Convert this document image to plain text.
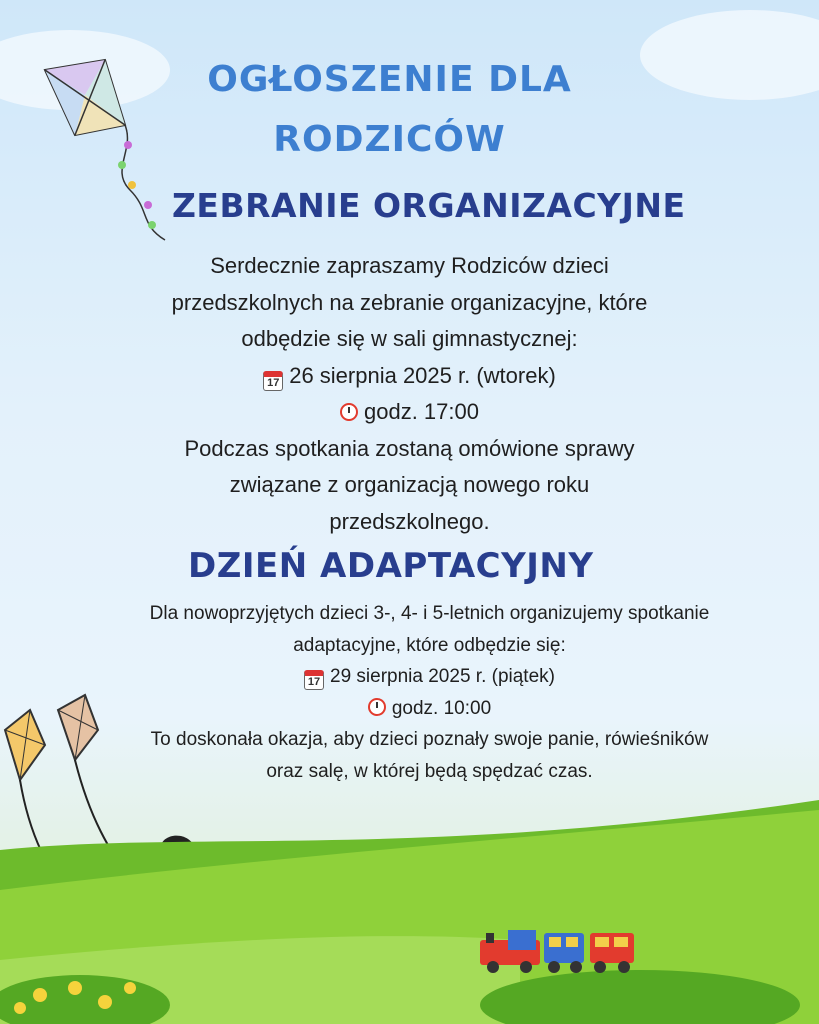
OGŁOSZENIE DLA
RODZICÓW
ZEBRANIE ORGANIZACYJNE
Serdecznie zapraszamy Rodziców dzieci
przedszkolnych na zebranie organizacyjne, które
odbędzie się w sali gimnastycznej:
17 26 sierpnia 2025 r. (wtorek)
godz. 17:00
Podczas spotkania zostaną omówione sprawy
związane z organizacją nowego roku
przedszkolnego.
DZIEŃ ADAPTACYJNY
Dla nowoprzyjętych dzieci 3-, 4- i 5-letnich organizujemy spotkanie
adaptacyjne, które odbędzie się:
17 29 sierpnia 2025 r. (piątek)
godz. 10:00
To doskonała okazja, aby dzieci poznały swoje panie, rówieśników
oraz salę, w której będą spędzać czas.
